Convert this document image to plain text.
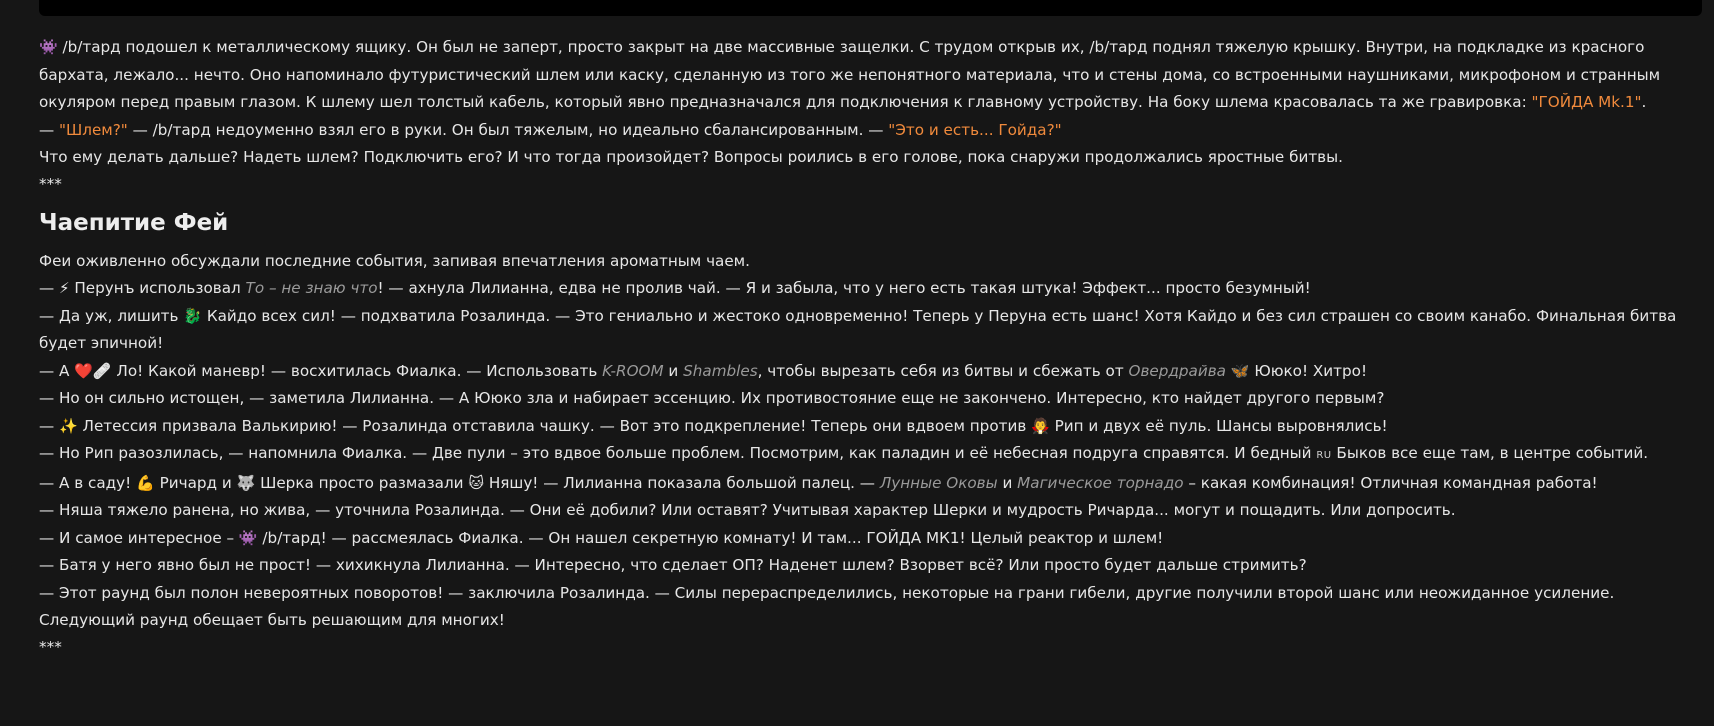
👾 /b/тард подошел к металлическому ящику. Он был не заперт, просто закрыт на две массивные защелки. С трудом открыв их, /b/тард поднял тяжелую крышку. Внутри, на подкладке из красного бархата, лежало... нечто. Оно напоминало футуристический шлем или каску, сделанную из того же непонятного материала, что и стены дома, со встроенными наушниками, микрофоном и странным окуляром перед правым глазом. К шлему шел толстый кабель, который явно предназначался для подключения к главному устройству. На боку шлема красовалась та же гравировка: "ГОЙДА Mk.1".

— "Шлем?" — /b/тард недоуменно взял его в руки. Он был тяжелым, но идеально сбалансированным. — "Это и есть... Гойда?"

Что ему делать дальше? Надеть шлем? Подключить его? И что тогда произойдет? Вопросы роились в его голове, пока снаружи продолжались яростные битвы.

***

Чаепитие Фей

Феи оживленно обсуждали последние события, запивая впечатления ароматным чаем.

— ⚡ Перунъ использовал То – не знаю что! — ахнула Лилианна, едва не пролив чай. — Я и забыла, что у него есть такая штука! Эффект... просто безумный!

— Да уж, лишить 🐉 Кайдо всех сил! — подхватила Розалинда. — Это гениально и жестоко одновременно! Теперь у Перуна есть шанс! Хотя Кайдо и без сил страшен со своим канабо. Финальная битва будет эпичной!

— А ❤️🩹 Ло! Какой маневр! — восхитилась Фиалка. — Использовать K-ROOM и Shambles, чтобы вырезать себя из битвы и сбежать от Овердрайва 🦋 Ююко! Хитро!

— Но он сильно истощен, — заметила Лилианна. — А Ююко зла и набирает эссенцию. Их противостояние еще не закончено. Интересно, кто найдет другого первым?

— ✨ Летессия призвала Валькирию! — Розалинда отставила чашку. — Вот это подкрепление! Теперь они вдвоем против 🧛 Рип и двух её пуль. Шансы выровнялись!

— Но Рип разозлилась, — напомнила Фиалка. — Две пули – это вдвое больше проблем. Посмотрим, как паладин и её небесная подруга справятся. И бедный RU Быков все еще там, в центре событий.

— А в саду! 💪 Ричард и 🐺 Шерка просто размазали 🐱 Няшу! — Лилианна показала большой палец. — Лунные Оковы и Магическое торнадо – какая комбинация! Отличная командная работа!

— Няша тяжело ранена, но жива, — уточнила Розалинда. — Они её добили? Или оставят? Учитывая характер Шерки и мудрость Ричарда... могут и пощадить. Или допросить.

— И самое интересное – 👾 /b/тард! — рассмеялась Фиалка. — Он нашел секретную комнату! И там... ГОЙДА МК1! Целый реактор и шлем!

— Батя у него явно был не прост! — хихикнула Лилианна. — Интересно, что сделает ОП? Наденет шлем? Взорвет всё? Или просто будет дальше стримить?

— Этот раунд был полон невероятных поворотов! — заключила Розалинда. — Силы перераспределились, некоторые на грани гибели, другие получили второй шанс или неожиданное усиление. Следующий раунд обещает быть решающим для многих!

***
